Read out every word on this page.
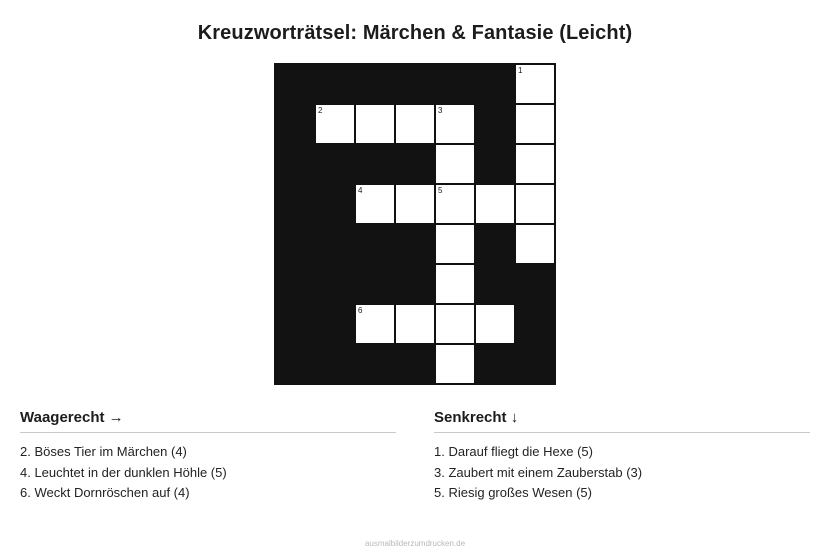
Kreuzworträtsel: Märchen & Fantasie (Leicht)
1
2	3
4	5
6
Waagerecht →
2. Böses Tier im Märchen (4)
4. Leuchtet in der dunklen Höhle (5)
6. Weckt Dornröschen auf (4)
Senkrecht ↓
1. Darauf fliegt die Hexe (5)
3. Zaubert mit einem Zauberstab (3)
5. Riesig großes Wesen (5)
ausmalbilderzumdrucken.de
